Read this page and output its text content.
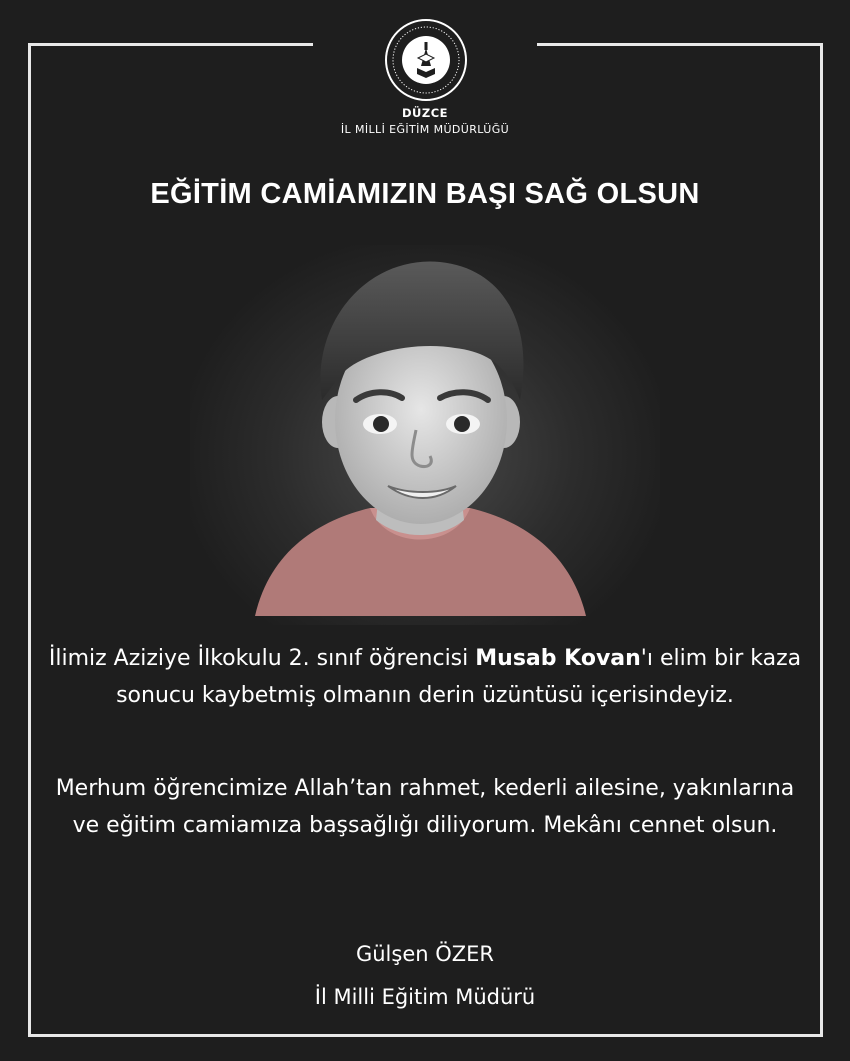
DÜZCE
İL MİLLİ EĞİTİM MÜDÜRLÜĞÜ
EĞİTİM CAMİAMIZIN BAŞI SAĞ OLSUN
İlimiz Aziziye İlkokulu 2. sınıf öğrencisi Musab Kovan'ı elim bir kaza sonucu kaybetmiş olmanın derin üzüntüsü içerisindeyiz.
Merhum öğrencimize Allah’tan rahmet, kederli ailesine, yakınlarına ve eğitim camiamıza başsağlığı diliyorum. Mekânı cennet olsun.
Gülşen ÖZER
İl Milli Eğitim Müdürü
